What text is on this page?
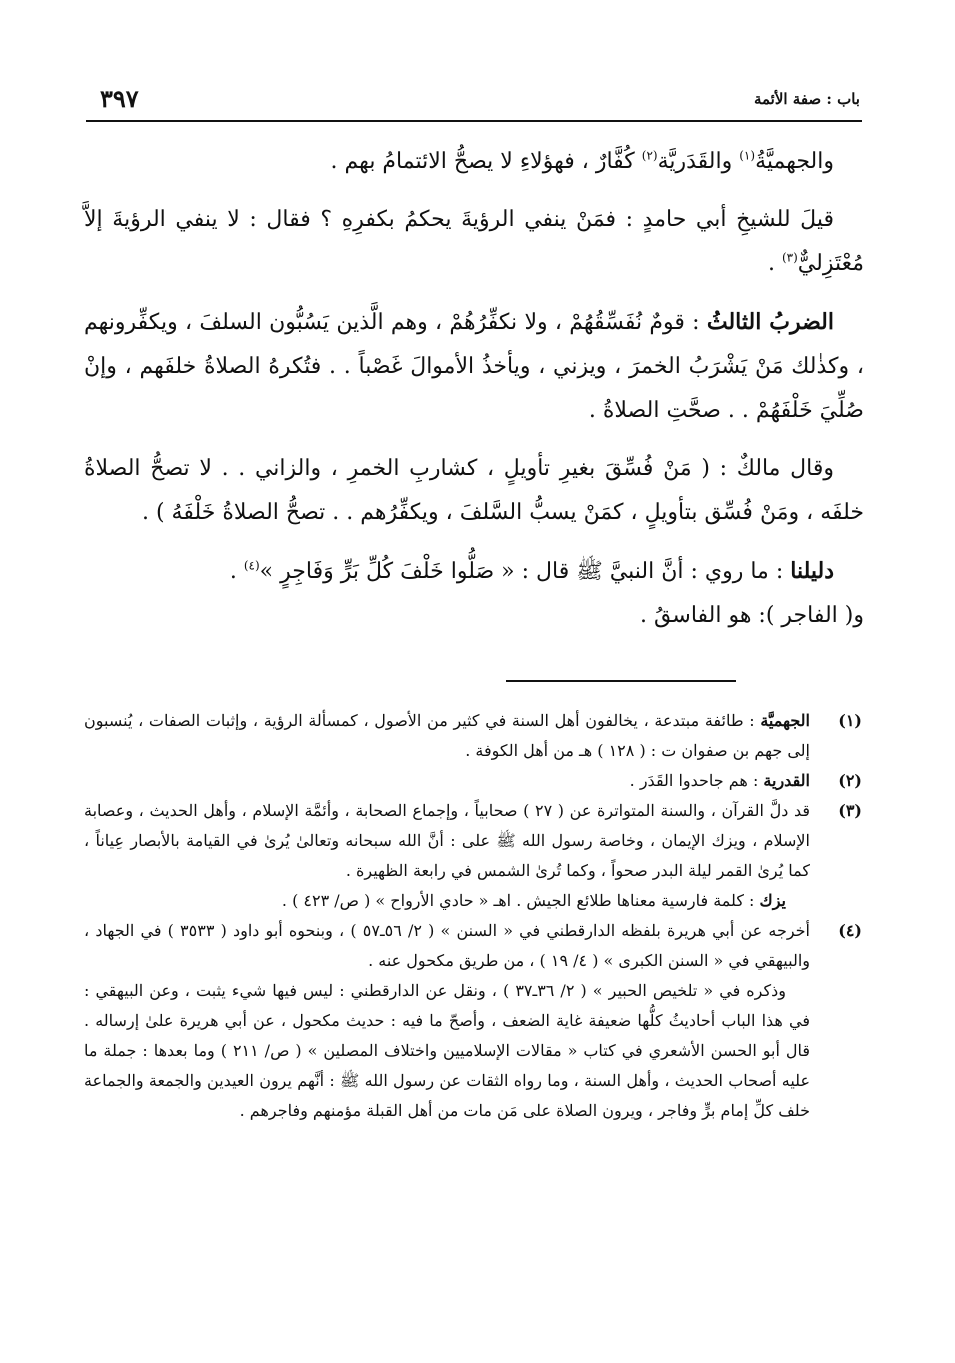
باب : صفة الأئمة
٣٩٧

والجهميَّةُ$^{(١)}$ والقَدَريَّة$^{(٢)}$ كُفَّارٌ ، فهؤلاءِ لا يصحُّ الائتمامُ بهم .

قيلَ للشيخِ أبي حامدٍ : فمَنْ ينفي الرؤيةَ يحكمُ بكفرِهِ ؟ فقال : لا ينفي الرؤيةَ إلاَّ مُعْتَزِليٌّ$^{(٣)}$ .

الضربُ الثالثُ : قومٌ نُفَسِّقُهُمْ ، ولا نكفِّرُهُمْ ، وهم الَّذين يَسُبُّون السلفَ ، ويكفِّرونهم ، وكذٰلك مَنْ يَشْرَبُ الخمرَ ، ويزني ، ويأخذُ الأموالَ غَصْباً . . فتُكرهُ الصلاةُ خلفَهم ، وإنْ صُلِّيَ خَلْفَهُمْ . . صحَّتِ الصلاةُ .

وقال مالكٌ : ( مَنْ فُسِّقَ بغيرِ تأويلٍ ، كشاربِ الخمرِ ، والزاني . . لا تصحُّ الصلاةُ خلفَه ، ومَنْ فُسِّق بتأويلٍ ، كمَنْ يسبُّ السَّلفَ ، ويكفِّرُهم . . تصحُّ الصلاةُ خَلْفَهُ ) .

دليلنا : ما روي : أنَّ النبيَّ ﷺ قال : « صَلُّوا خَلْفَ كُلِّ بَرٍّ وَفَاجِرٍ »$^{(٤)}$ .
و( الفاجر ): هو الفاسقُ .

(١)

الجهميَّة : طائفة مبتدعة ، يخالفون أهل السنة في كثير من الأصول ، كمسألة الرؤية ، وإثبات الصفات ، يُنسبون إلى جهم بن صفوان ت : ( ١٢٨ ) هـ من أهل الكوفة .

(٢)

القدرية : هم جاحدوا القَدَر .

(٣)

قد دلَّ القرآن ، والسنة المتواترة عن ( ٢٧ ) صحابياً ، وإجماع الصحابة ، وأئمَّة الإسلام ، وأهل الحديث ، وعصابة الإسلام ، ويزك الإيمان ، وخاصة رسول الله ﷺ على : أنَّ الله سبحانه وتعالىٰ يُرىٰ في القيامة بالأبصار عِياناً ، كما يُرىٰ القمر ليلة البدر صحواً ، وكما تُرىٰ الشمس في رابعة الظهيرة .

يزك : كلمة فارسية معناها طلائع الجيش . اهـ « حادي الأرواح » ( ص/ ٤٢٣ ) .

(٤)

أخرجه عن أبي هريرة بلفظه الدارقطني في « السنن » ( ٢/ ٥٦ـ٥٧ ) ، وبنحوه أبو داود ( ٣٥٣٣ ) في الجهاد ، والبيهقي في « السنن الكبرى » ( ٤/ ١٩ ) ، من طريق مكحول عنه .

وذكره في « تلخيص الحبير » ( ٢/ ٣٦ـ٣٧ ) ، ونقل عن الدارقطني : ليس فيها شيء يثبت ، وعن البيهقي : في هذا الباب أحاديثُ كلُّها ضعيفة غاية الضعف ، وأصحّ ما فيه : حديث مكحول ، عن أبي هريرة علىٰ إرساله . قال أبو الحسن الأشعري في كتاب « مقالات الإسلاميين واختلاف المصلين » ( ص/ ٢١١ ) وما بعدها : جملة ما عليه أصحاب الحديث ، وأهل السنة ، وما رواه الثقات عن رسول الله ﷺ : أنَّهم يرون العيدين والجمعة والجماعة خلف كلِّ إمام برٍّ وفاجر ، ويرون الصلاة على مَن مات من أهل القبلة مؤمنهم وفاجرهم .
